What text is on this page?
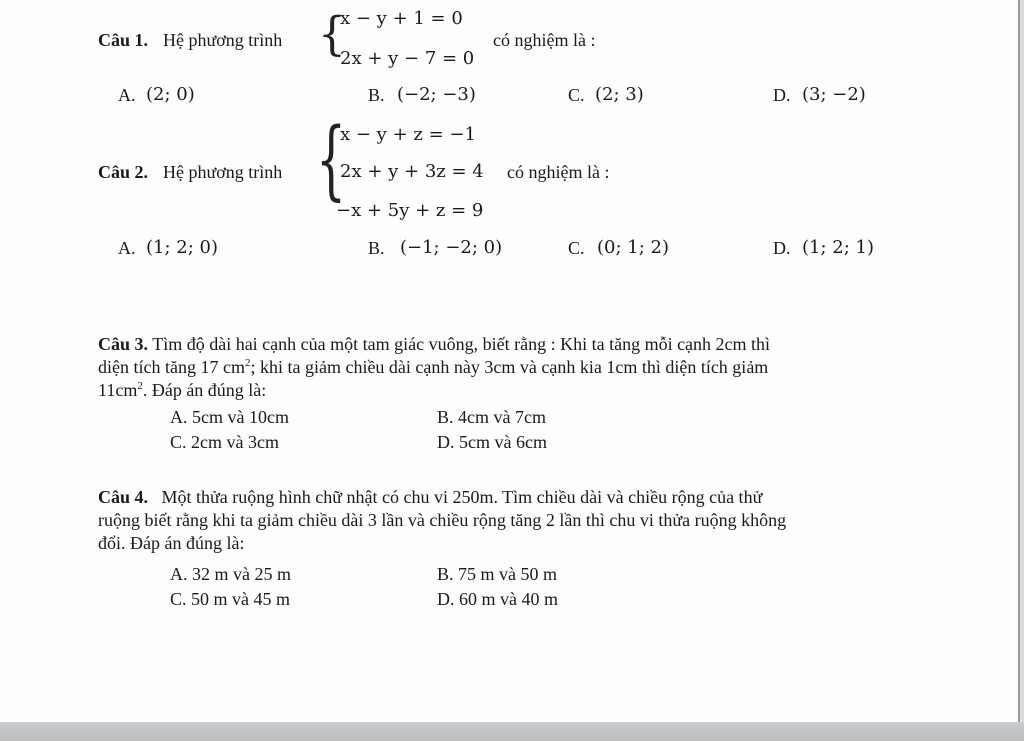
Câu 1. Hệ phương trình {
x − y + 1 = 0
2x + y − 7 = 0
có nghiệm là :
A. (2; 0)	B. (−2; −3)	C. (2; 3)	D. (3; −2)
Câu 2. Hệ phương trình {
x − y + z = −1
2x + y + 3z = 4
−x + 5y + z = 9
có nghiệm là :
A. (1; 2; 0)	B. (−1; −2; 0)	C. (0; 1; 2)	D. (1; 2; 1)
Câu 3. Tìm độ dài hai cạnh của một tam giác vuông, biết rằng : Khi ta tăng mỗi cạnh 2cm thì
diện tích tăng 17 $cm^2$; khi ta giảm chiều dài cạnh này 3cm và cạnh kia 1cm thì diện tích giảm
$11cm^2$. Đáp án đúng là:
A. 5cm và 10cm	B. 4cm và 7cm
C. 2cm và 3cm	D. 5cm và 6cm
Câu 4. Một thửa ruộng hình chữ nhật có chu vi 250m. Tìm chiều dài và chiều rộng của thử
ruộng biết rằng khi ta giảm chiều dài 3 lần và chiều rộng tăng 2 lần thì chu vi thửa ruộng không
đổi. Đáp án đúng là:
A. 32 m và 25 m	B. 75 m và 50 m
C. 50 m và 45 m	D. 60 m và 40 m
